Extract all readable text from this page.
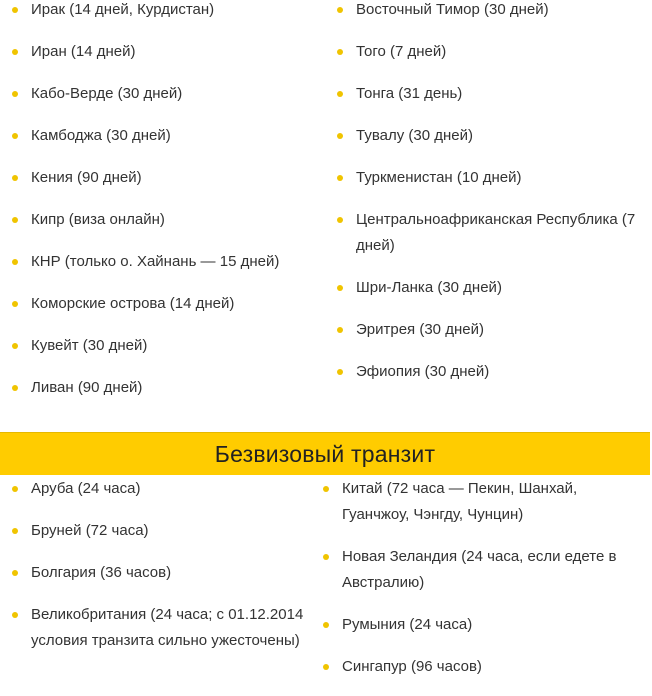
Ирак (14 дней, Курдистан)
Иран (14 дней)
Кабо-Верде (30 дней)
Камбоджа (30 дней)
Кения (90 дней)
Кипр (виза онлайн)
КНР (только о. Хайнань — 15 дней)
Коморские острова (14 дней)
Кувейт (30 дней)
Ливан (90 дней)
Восточный Тимор (30 дней)
Того (7 дней)
Тонга (31 день)
Тувалу (30 дней)
Туркменистан (10 дней)
Центральноафриканская Республика (7 дней)
Шри-Ланка (30 дней)
Эритрея (30 дней)
Эфиопия (30 дней)
Безвизовый транзит
Аруба (24 часа)
Бруней (72 часа)
Болгария (36 часов)
Великобритания (24 часа; с 01.12.2014 условия транзита сильно ужесточены)
Китай (72 часа — Пекин, Шанхай, Гуанчжоу, Чэнгду, Чунцин)
Новая Зеландия (24 часа, если едете в Австралию)
Румыния (24 часа)
Сингапур (96 часов)
